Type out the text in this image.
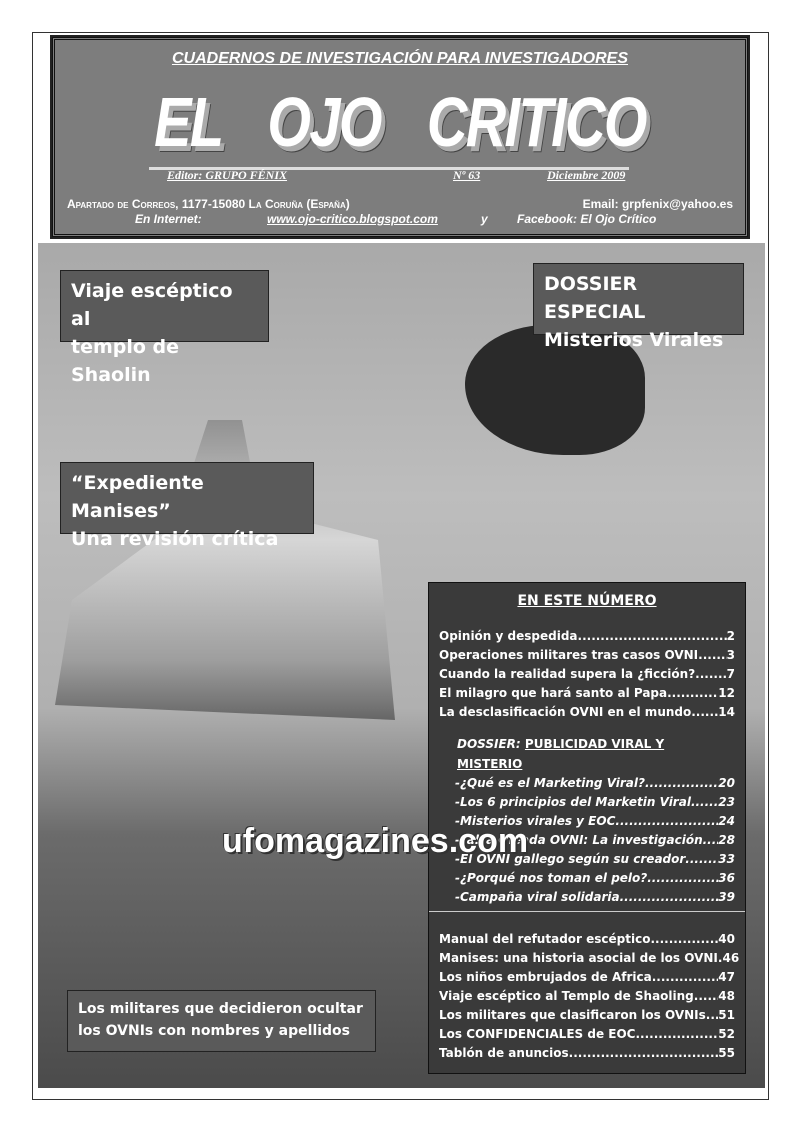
CUADERNOS DE INVESTIGACIÓN PARA INVESTIGADORES
EL OJO CRITICO
Editor: GRUPO FÉNIX	Nº 63	Diciembre 2009
Apartado de Correos, 1177-15080 La Coruña (España)	Email: grpfenix@yahoo.es
En Internet:	www.ojo-critico.blogspot.com	y Facebook: El Ojo Crítico
Viaje escéptico al
templo de Shaolin
DOSSIER ESPECIAL
Misterios Virales
“Expediente Manises”
Una revisión crítica
Los militares que decidieron ocultar
los OVNIs con nombres y apellidos
EN ESTE NÚMERO
Opinión y despedida .....	2
Operaciones militares tras casos OVNI ..... 3
Cuando la realidad supera la ¿ficción? .....	7
El milagro que hará santo al Papa .....	12
La desclasificación OVNI en el mundo ..... 14
DOSSIER: PUBLICIDAD VIRAL Y MISTERIO
-¿Qué es el Marketing Viral? .....	20
-Los 6 principios del Marketin Viral ..... 23
-Misterios virales y EOC .....	24
-Falsa Oleada OVNI: La investigación ..... 28
-El OVNI gallego según su creador .....	33
-¿Porqué nos toman el pelo? .....	36
-Campaña viral solidaria .....	39
Manual del refutador escéptico .....	40
Manises: una historia asocial de los OVNI. 46
Los niños embrujados de Africa .....	47
Viaje escéptico al Templo de Shaoling ..... 48
Los militares que clasificaron los OVNIs ..... 51
Los CONFIDENCIALES de EOC .....	52
Tablón de anuncios .....	55
ufomagazines.com
